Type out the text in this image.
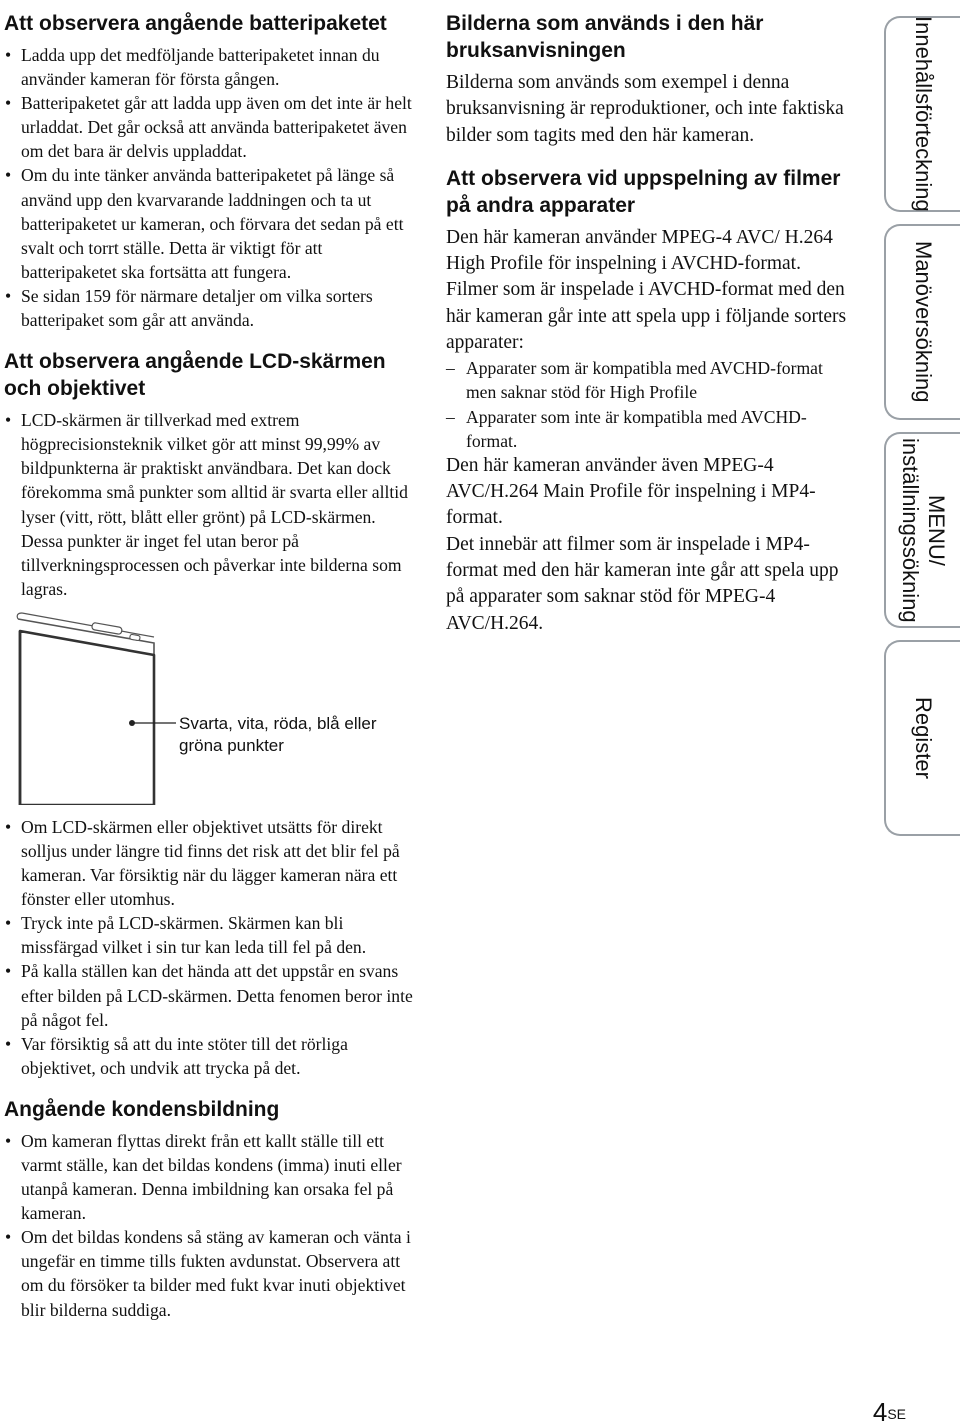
Att observera angående batteripaketet
• Ladda upp det medföljande batteripaketet innan du använder kameran för första gången.
• Batteripaketet går att ladda upp även om det inte är helt urladdat. Det går också att använda batteripaketet även om det bara är delvis uppladdat.
• Om du inte tänker använda batteripaketet på länge så använd upp den kvarvarande laddningen och ta ut batteripaketet ur kameran, och förvara det sedan på ett svalt och torrt ställe. Detta är viktigt för att batteripaketet ska fortsätta att fungera.
• Se sidan 159 för närmare detaljer om vilka sorters batteripaket som går att använda.
Att observera angående LCD-skärmen och objektivet
• LCD-skärmen är tillverkad med extrem högprecisionsteknik vilket gör att minst 99,99% av bildpunkterna är praktiskt användbara. Det kan dock förekomma små punkter som alltid är svarta eller alltid lyser (vitt, rött, blått eller grönt) på LCD-skärmen. Dessa punkter är inget fel utan beror på tillverkningsprocessen och påverkar inte bilderna som lagras.
Svarta, vita, röda, blå eller gröna punkter
• Om LCD-skärmen eller objektivet utsätts för direkt solljus under längre tid finns det risk att det blir fel på kameran. Var försiktig när du lägger kameran nära ett fönster eller utomhus.
• Tryck inte på LCD-skärmen. Skärmen kan bli missfärgad vilket i sin tur kan leda till fel på den.
• På kalla ställen kan det hända att det uppstår en svans efter bilden på LCD-skärmen. Detta fenomen beror inte på något fel.
• Var försiktig så att du inte stöter till det rörliga objektivet, och undvik att trycka på det.
Angående kondensbildning
• Om kameran flyttas direkt från ett kallt ställe till ett varmt ställe, kan det bildas kondens (imma) inuti eller utanpå kameran. Denna imbildning kan orsaka fel på kameran.
• Om det bildas kondens så stäng av kameran och vänta i ungefär en timme tills fukten avdunstat. Observera att om du försöker ta bilder med fukt kvar inuti objektivet blir bilderna suddiga.
Bilderna som används i den här bruksanvisningen

Bilderna som används som exempel i denna bruksanvisning är reproduktioner, och inte faktiska bilder som tagits med den här kameran.

Att observera vid uppspelning av filmer på andra apparater

Den här kameran använder MPEG-4 AVC/ H.264 High Profile för inspelning i AVCHD-format.

Filmer som är inspelade i AVCHD-format med den här kameran går inte att spela upp i följande sorters apparater:

– Apparater som är kompatibla med AVCHD-format men saknar stöd för High Profile
– Apparater som inte är kompatibla med AVCHD-format.

Den här kameran använder även MPEG-4 AVC/H.264 Main Profile för inspelning i MP4-format.

Det innebär att filmer som är inspelade i MP4-format med den här kameran inte går att spela upp på apparater som saknar stöd för MPEG-4 AVC/H.264.

Innehållsförteckning
Manöversökning
MENU/
inställningssökning
Register
$4^{SE}$
